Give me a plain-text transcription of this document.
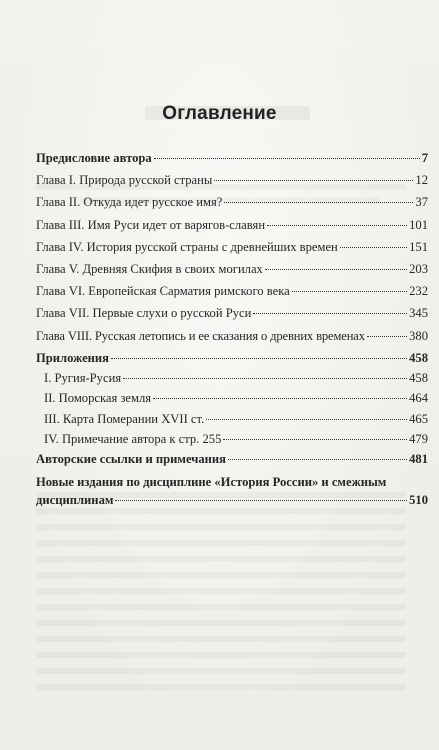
Оглавление
Предисловие автора	7
Глава I. Природа русской страны	12
Глава II. Откуда идет русское имя?	37
Глава III. Имя Руси идет от варягов-славян	101
Глава IV. История русской страны с древнейших времен	151
Глава V. Древняя Скифия в своих могилах	203
Глава VI. Европейская Сарматия римского века	232
Глава VII. Первые слухи о русской Руси	345
Глава VIII. Русская летопись и ее сказания о древних временах	380
Приложения	458
I. Ругия-Русия	458
II. Поморская земля	464
III. Карта Померании XVII ст.	465
IV. Примечание автора к стр. 255	479
Авторские ссылки и примечания	481
Новые издания по дисциплине «История России» и смежным
дисциплинам	510
